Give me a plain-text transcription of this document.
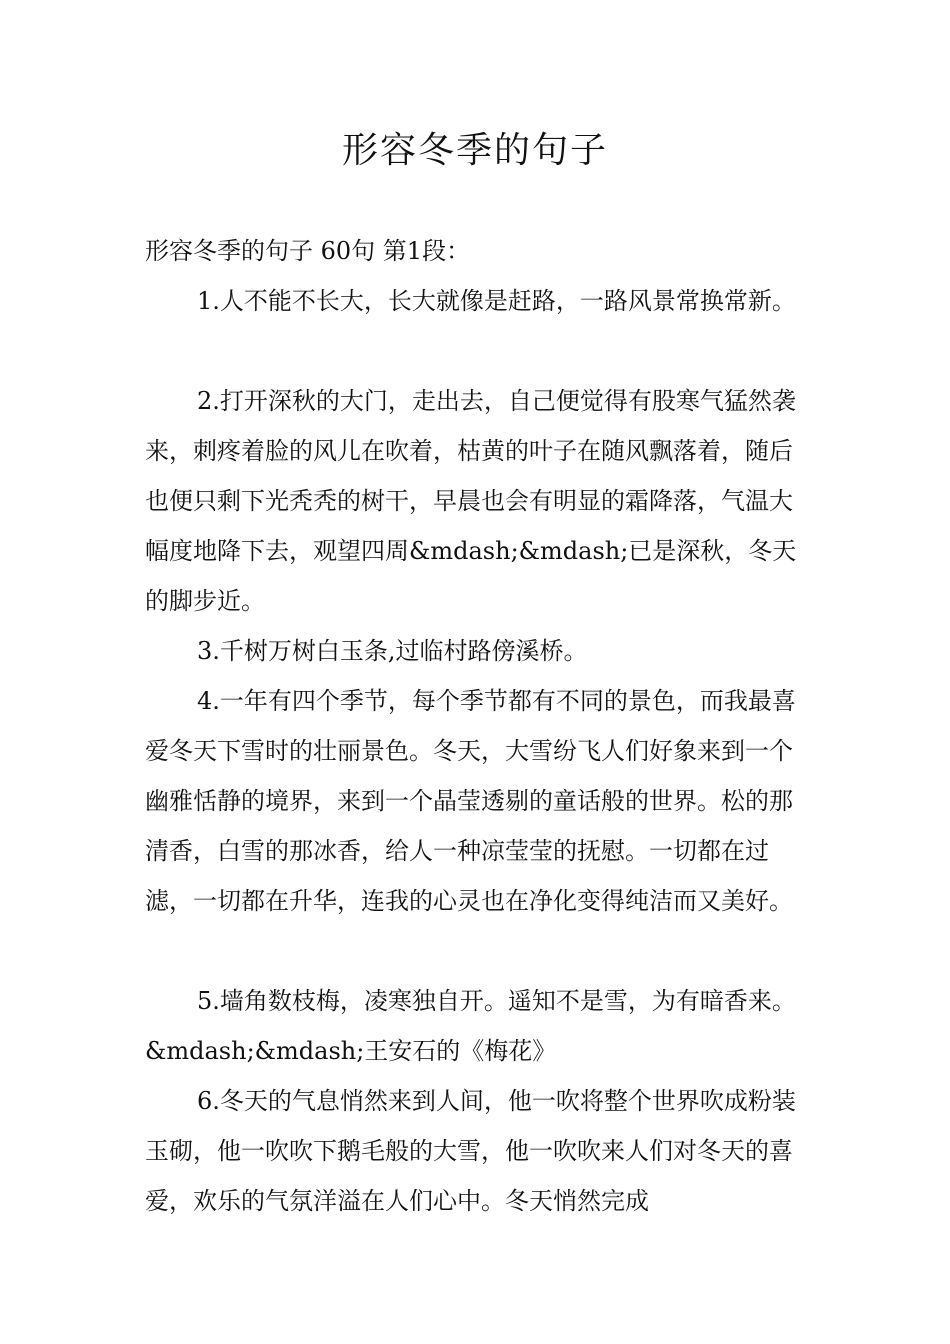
形容冬季的句子

形容冬季的句子 60句 第1段：

1.人不能不长大，长大就像是赶路，一路风景常换常新。

2.打开深秋的大门，走出去，自己便觉得有股寒气猛然袭来，刺疼着脸的风儿在吹着，枯黄的叶子在随风飘落着，随后也便只剩下光秃秃的树干，早晨也会有明显的霜降落，气温大幅度地降下去，观望四周&mdash;&mdash;已是深秋，冬天的脚步近。

3.千树万树白玉条,过临村路傍溪桥。

4.一年有四个季节，每个季节都有不同的景色，而我最喜爱冬天下雪时的壮丽景色。冬天，大雪纷飞人们好象来到一个幽雅恬静的境界，来到一个晶莹透剔的童话般的世界。松的那清香，白雪的那冰香，给人一种凉莹莹的抚慰。一切都在过滤，一切都在升华，连我的心灵也在净化变得纯洁而又美好。

5.墙角数枝梅，凌寒独自开。遥知不是雪，为有暗香来。&mdash;&mdash;王安石的《梅花》

6.冬天的气息悄然来到人间，他一吹将整个世界吹成粉装玉砌，他一吹吹下鹅毛般的大雪，他一吹吹来人们对冬天的喜爱，欢乐的气氛洋溢在人们心中。冬天悄然完成
